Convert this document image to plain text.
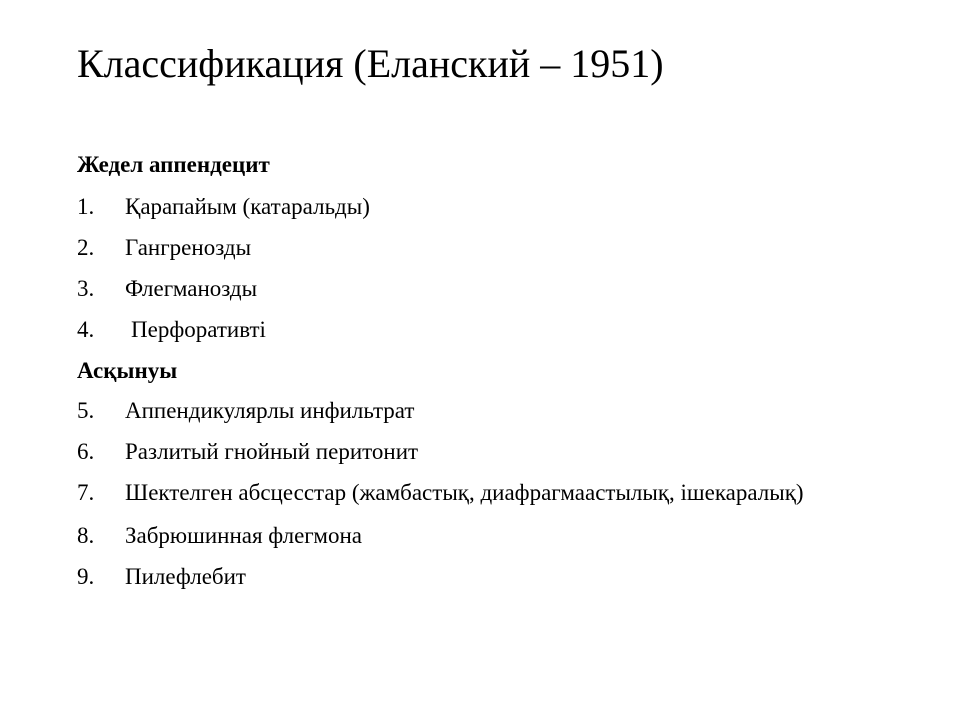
Классификация (Еланский – 1951)
Жедел аппендецит
1.	Қарапайым (катаральды)
2.	Гангренозды
3.	Флегманозды
4.	Перфоративті
Асқынуы
5.	Аппендикулярлы инфильтрат
6.	Разлитый гнойный перитонит
7.	Шектелген абсцесстар (жамбастық, диафрагмаастылық, ішекаралық)
8.	Забрюшинная флегмона
9.	Пилефлебит
